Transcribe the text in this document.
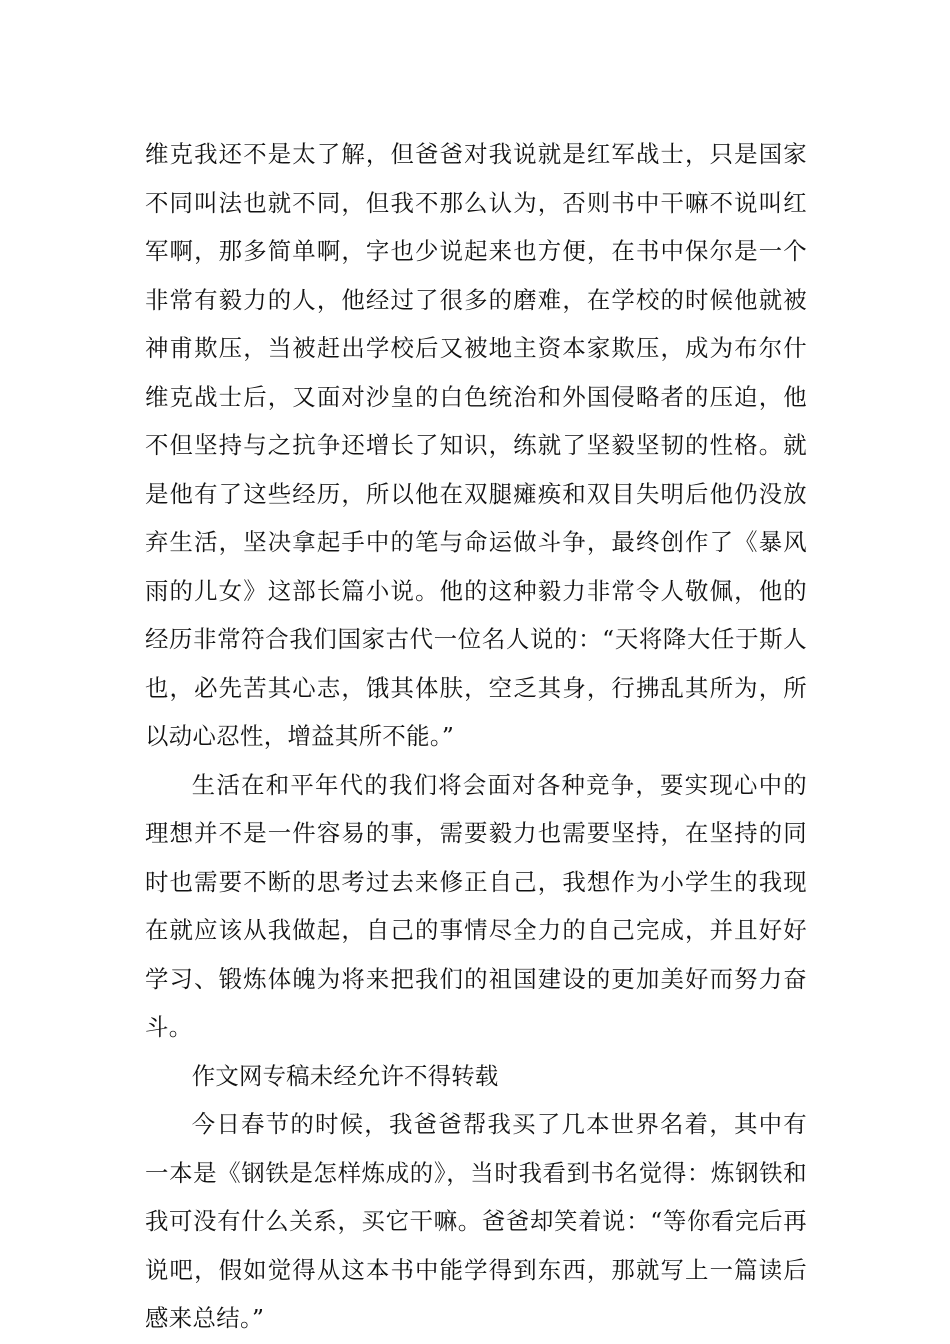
维克我还不是太了解，但爸爸对我说就是红军战士，只是国家不同叫法也就不同，但我不那么认为，否则书中干嘛不说叫红军啊，那多简单啊，字也少说起来也方便，在书中保尔是一个非常有毅力的人，他经过了很多的磨难，在学校的时候他就被神甫欺压，当被赶出学校后又被地主资本家欺压，成为布尔什维克战士后，又面对沙皇的白色统治和外国侵略者的压迫，他不但坚持与之抗争还增长了知识，练就了坚毅坚韧的性格。就是他有了这些经历，所以他在双腿瘫痪和双目失明后他仍没放弃生活，坚决拿起手中的笔与命运做斗争，最终创作了《暴风雨的儿女》这部长篇小说。他的这种毅力非常令人敬佩，他的经历非常符合我们国家古代一位名人说的：“天将降大任于斯人也，必先苦其心志，饿其体肤，空乏其身，行拂乱其所为，所以动心忍性，增益其所不能。”

生活在和平年代的我们将会面对各种竞争，要实现心中的理想并不是一件容易的事，需要毅力也需要坚持，在坚持的同时也需要不断的思考过去来修正自己，我想作为小学生的我现在就应该从我做起，自己的事情尽全力的自己完成，并且好好学习、锻炼体魄为将来把我们的祖国建设的更加美好而努力奋斗。

作文网专稿未经允许不得转载

今日春节的时候，我爸爸帮我买了几本世界名着，其中有一本是《钢铁是怎样炼成的》，当时我看到书名觉得：炼钢铁和我可没有什么关系，买它干嘛。爸爸却笑着说：“等你看完后再说吧，假如觉得从这本书中能学得到东西，那就写上一篇读后感来总结。”
